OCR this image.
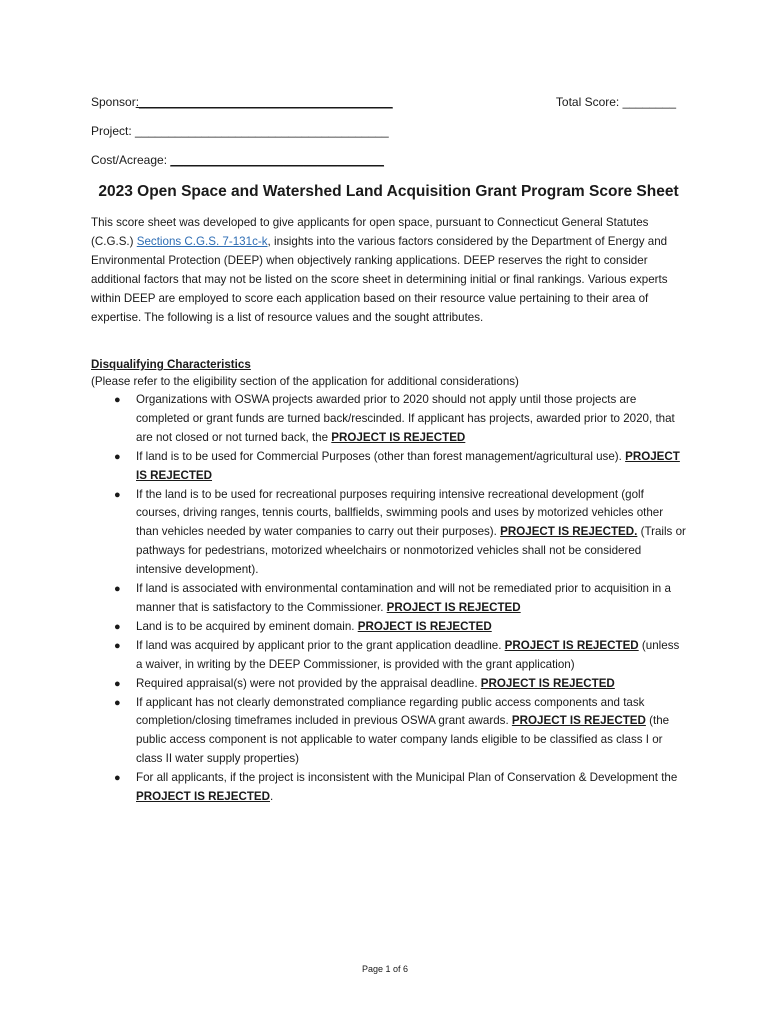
Sponsor:______________________________________	Total Score: ________
Project: ______________________________________
Cost/Acreage: ________________________________
2023 Open Space and Watershed Land Acquisition Grant Program Score Sheet
This score sheet was developed to give applicants for open space, pursuant to Connecticut General Statutes (C.G.S.) Sections C.G.S. 7-131c-k, insights into the various factors considered by the Department of Energy and Environmental Protection (DEEP) when objectively ranking applications. DEEP reserves the right to consider additional factors that may not be listed on the score sheet in determining initial or final rankings. Various experts within DEEP are employed to score each application based on their resource value pertaining to their area of expertise. The following is a list of resource values and the sought attributes.
Disqualifying Characteristics
(Please refer to the eligibility section of the application for additional considerations)
● Organizations with OSWA projects awarded prior to 2020 should not apply until those projects are completed or grant funds are turned back/rescinded. If applicant has projects, awarded prior to 2020, that are not closed or not turned back, the PROJECT IS REJECTED
● If land is to be used for Commercial Purposes (other than forest management/agricultural use). PROJECT IS REJECTED
● If the land is to be used for recreational purposes requiring intensive recreational development (golf courses, driving ranges, tennis courts, ballfields, swimming pools and uses by motorized vehicles other than vehicles needed by water companies to carry out their purposes). PROJECT IS REJECTED. (Trails or pathways for pedestrians, motorized wheelchairs or nonmotorized vehicles shall not be considered intensive development).
● If land is associated with environmental contamination and will not be remediated prior to acquisition in a manner that is satisfactory to the Commissioner. PROJECT IS REJECTED
● Land is to be acquired by eminent domain. PROJECT IS REJECTED
● If land was acquired by applicant prior to the grant application deadline. PROJECT IS REJECTED (unless a waiver, in writing by the DEEP Commissioner, is provided with the grant application)
● Required appraisal(s) were not provided by the appraisal deadline. PROJECT IS REJECTED
● If applicant has not clearly demonstrated compliance regarding public access components and task completion/closing timeframes included in previous OSWA grant awards. PROJECT IS REJECTED (the public access component is not applicable to water company lands eligible to be classified as class I or class II water supply properties)
● For all applicants, if the project is inconsistent with the Municipal Plan of Conservation & Development the PROJECT IS REJECTED.
Page 1 of 6
